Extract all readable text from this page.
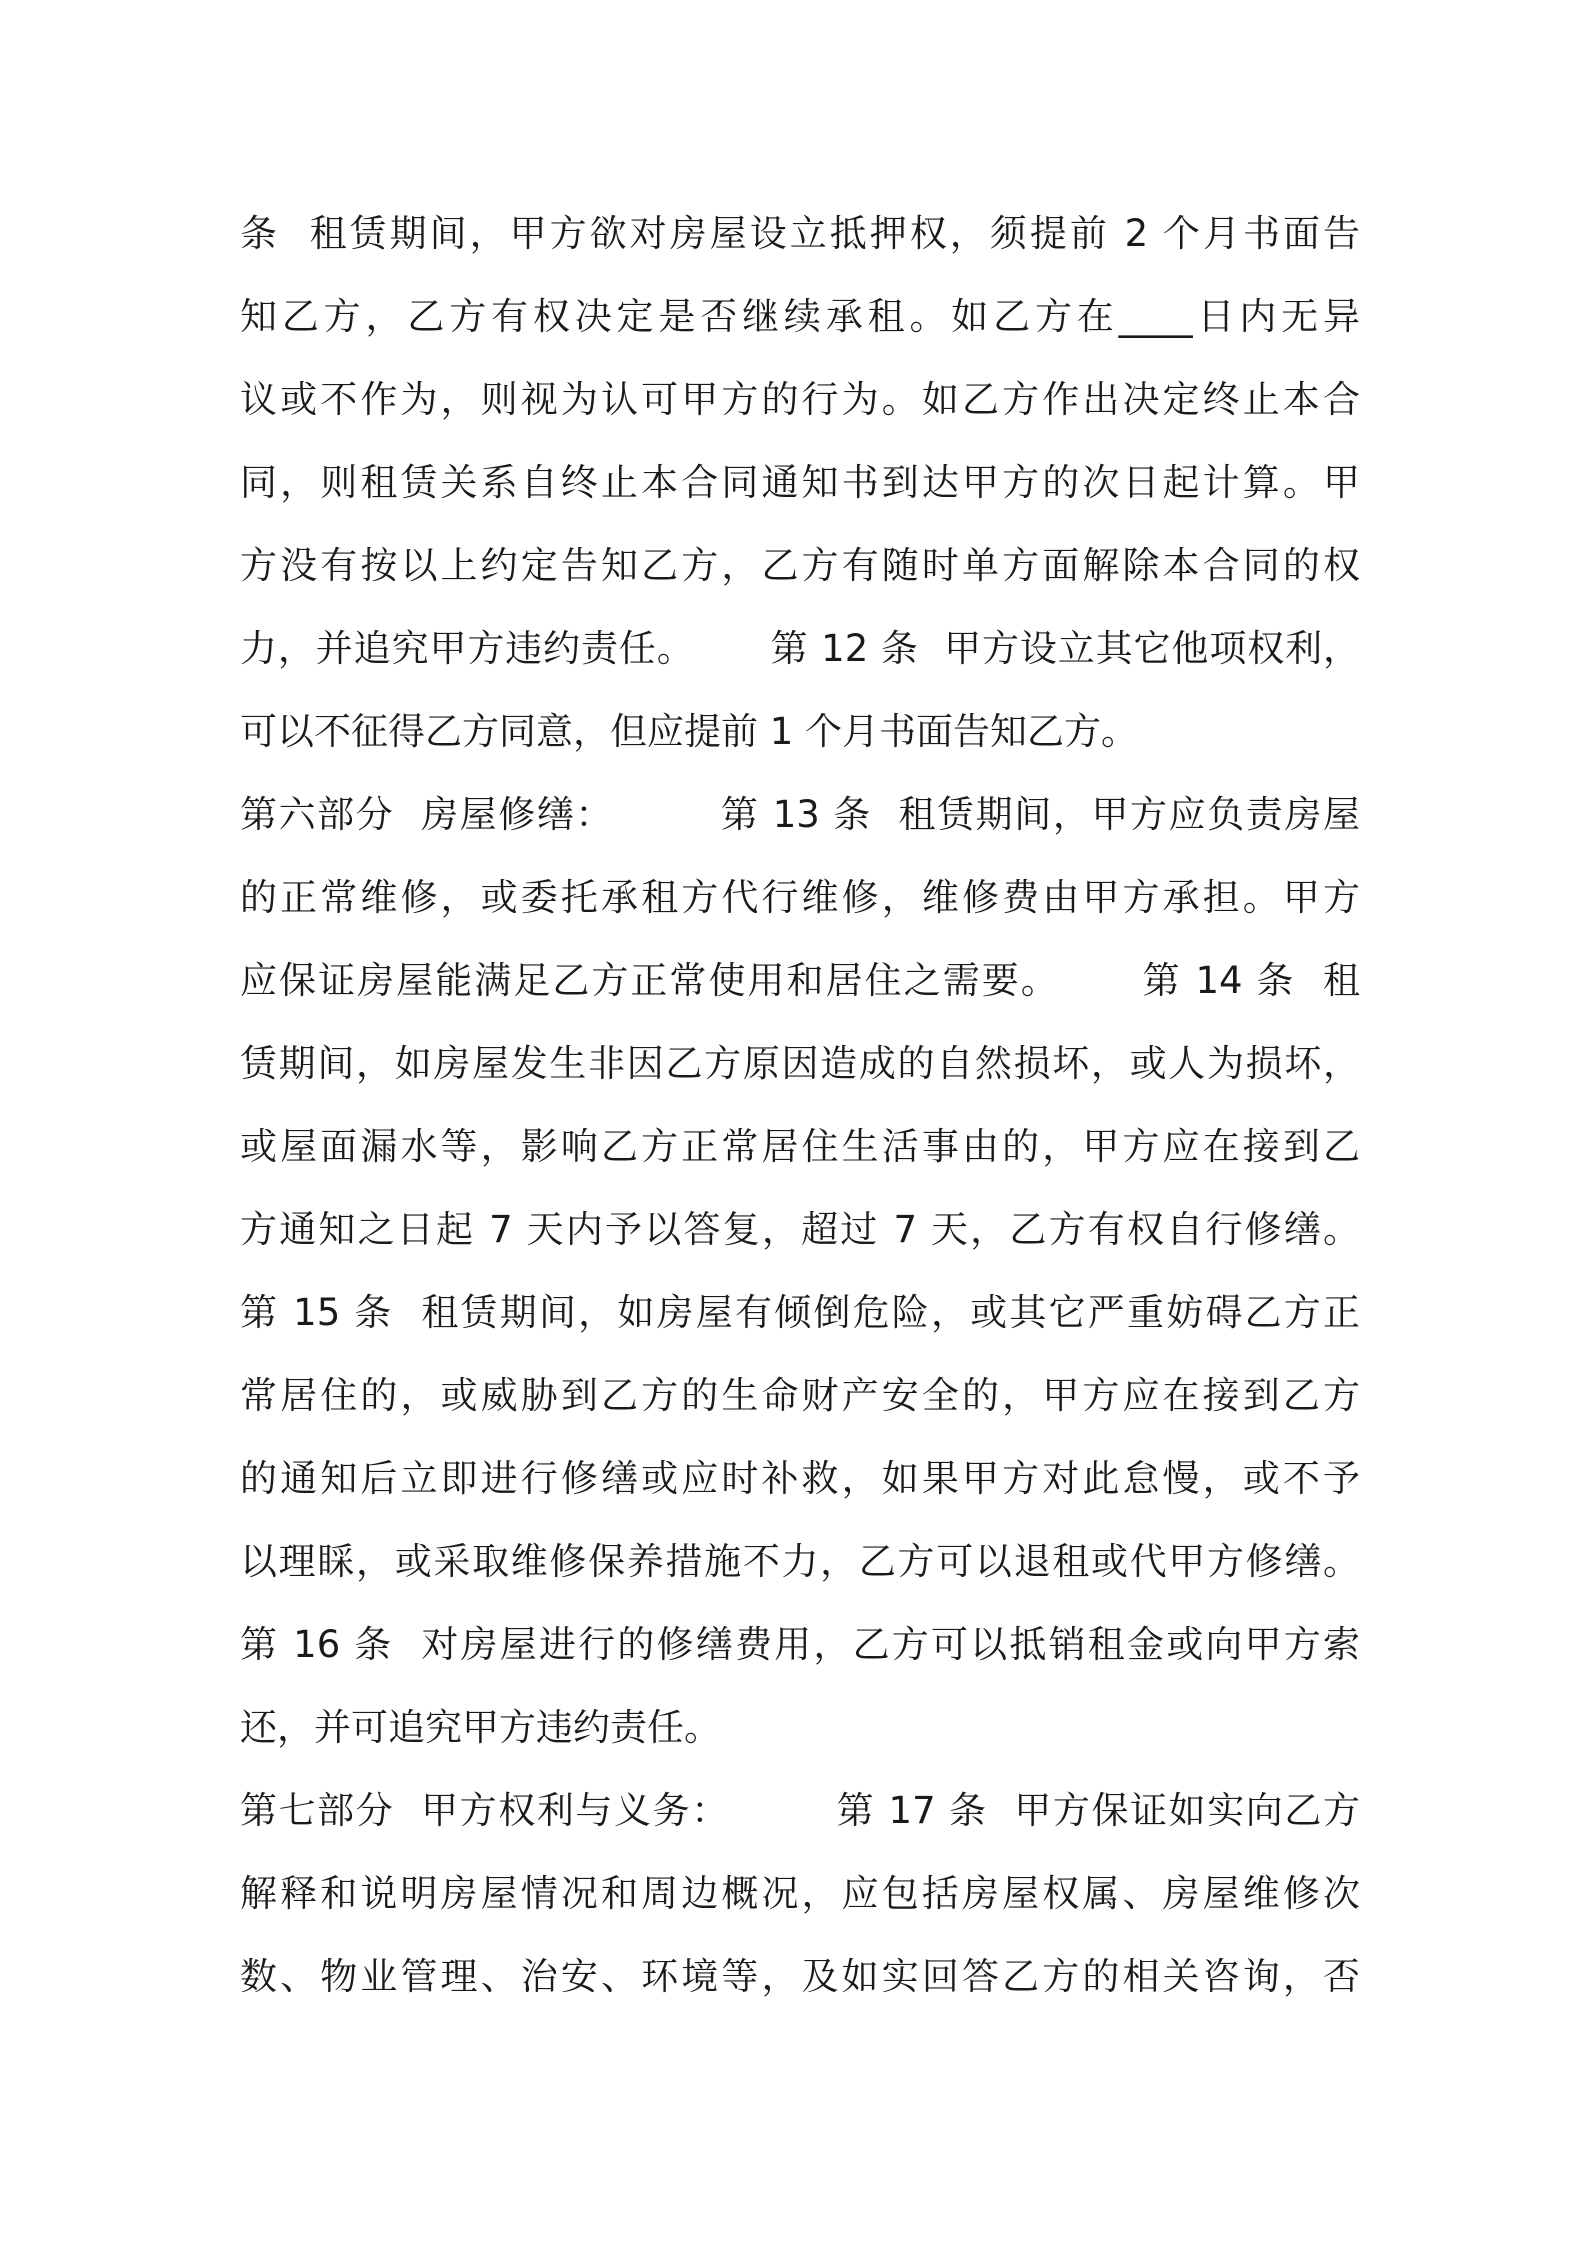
条  租赁期间，甲方欲对房屋设立抵押权，须提前 2 个月书面告
知乙方，乙方有权决定是否继续承租。如乙方在____日内无异
议或不作为，则视为认可甲方的行为。如乙方作出决定终止本合
同，则租赁关系自终止本合同通知书到达甲方的次日起计算。甲
方没有按以上约定告知乙方，乙方有随时单方面解除本合同的权
力，并追究甲方违约责任。      第 12 条  甲方设立其它他项权利，
可以不征得乙方同意，但应提前 1 个月书面告知乙方。
第六部分  房屋修缮：        第 13 条  租赁期间，甲方应负责房屋
的正常维修，或委托承租方代行维修，维修费由甲方承担。甲方
应保证房屋能满足乙方正常使用和居住之需要。      第 14 条  租
赁期间，如房屋发生非因乙方原因造成的自然损坏，或人为损坏，
或屋面漏水等，影响乙方正常居住生活事由的，甲方应在接到乙
方通知之日起 7 天内予以答复，超过 7 天，乙方有权自行修缮。
第 15 条  租赁期间，如房屋有倾倒危险，或其它严重妨碍乙方正
常居住的，或威胁到乙方的生命财产安全的，甲方应在接到乙方
的通知后立即进行修缮或应时补救，如果甲方对此怠慢，或不予
以理睬，或采取维修保养措施不力，乙方可以退租或代甲方修缮。
第 16 条  对房屋进行的修缮费用，乙方可以抵销租金或向甲方索
还，并可追究甲方违约责任。
第七部分  甲方权利与义务：        第 17 条  甲方保证如实向乙方
解释和说明房屋情况和周边概况，应包括房屋权属、房屋维修次
数、物业管理、治安、环境等，及如实回答乙方的相关咨询，否
